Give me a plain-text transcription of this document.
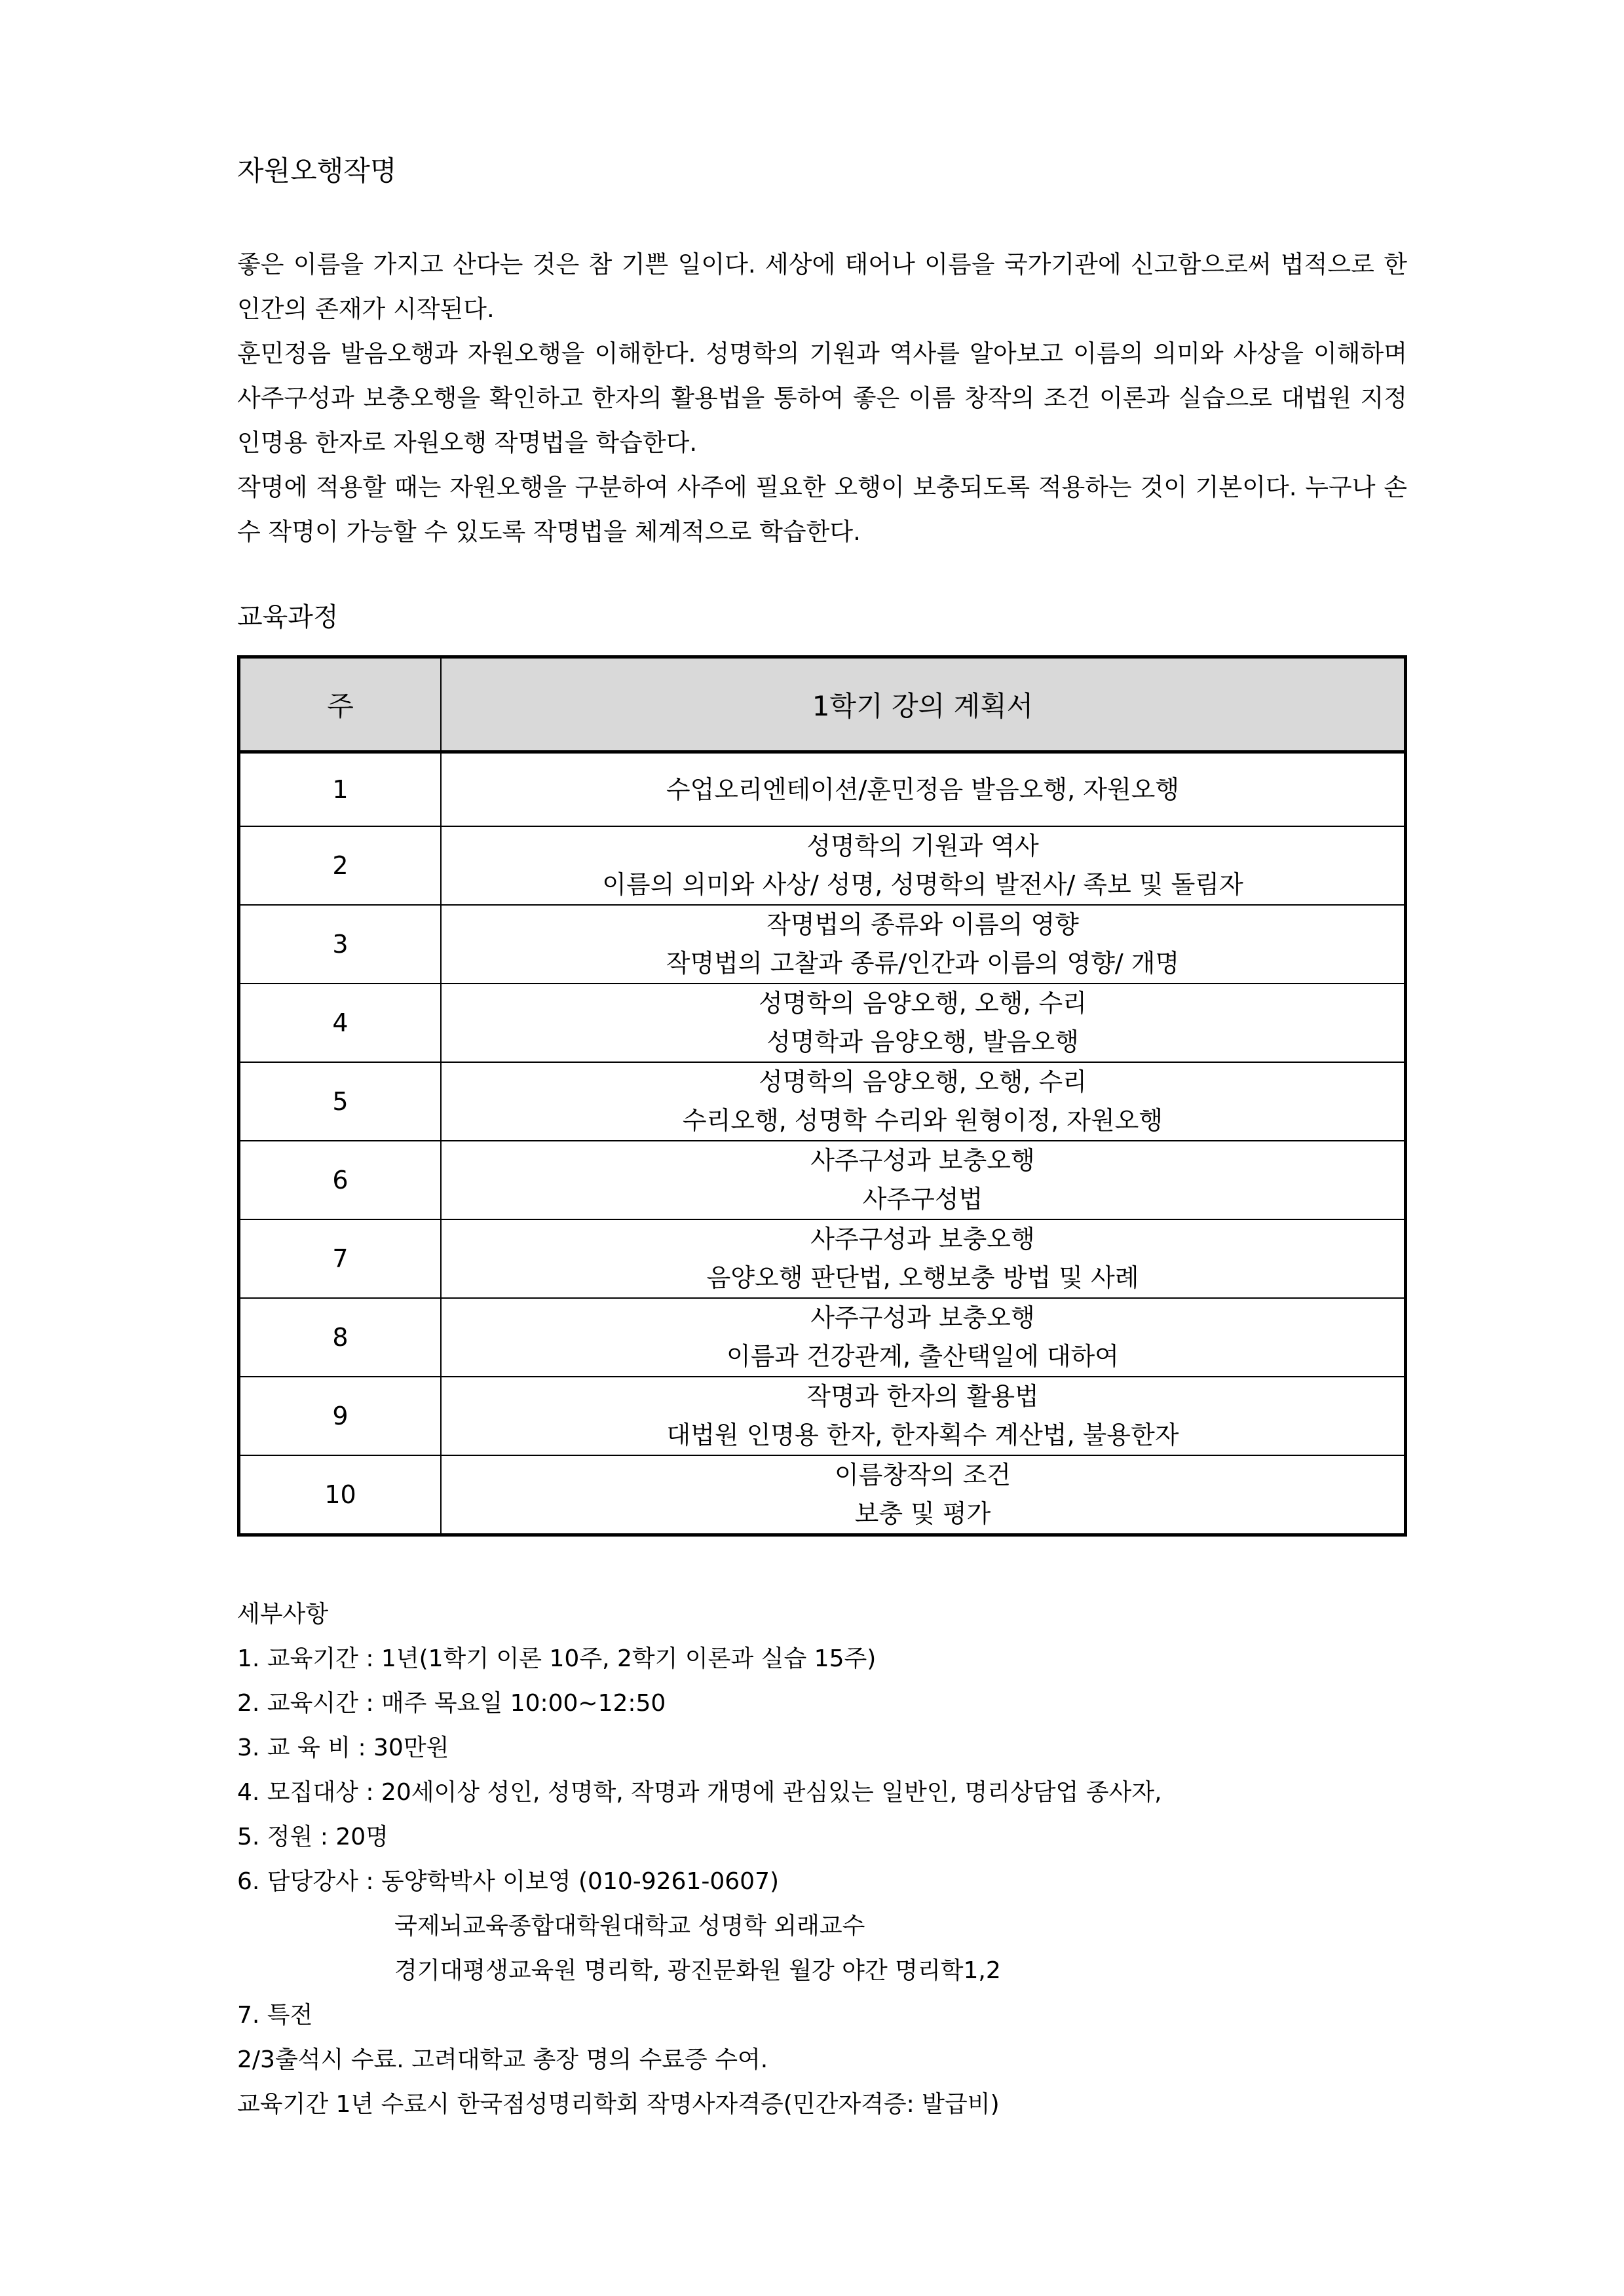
자원오행작명

좋은 이름을 가지고 산다는 것은 참 기쁜 일이다. 세상에 태어나 이름을 국가기관에 신고함으로써 법적으로 한 인간의 존재가 시작된다.

훈민정음 발음오행과 자원오행을 이해한다. 성명학의 기원과 역사를 알아보고 이름의 의미와 사상을 이해하며 사주구성과 보충오행을 확인하고 한자의 활용법을 통하여 좋은 이름 창작의 조건 이론과 실습으로 대법원 지정 인명용 한자로 자원오행 작명법을 학습한다.

작명에 적용할 때는 자원오행을 구분하여 사주에 필요한 오행이 보충되도록 적용하는 것이 기본이다. 누구나 손수 작명이 가능할 수 있도록 작명법을 체계적으로 학습한다.

교육과정
주	1학기 강의 계획서
1	수업오리엔테이션/훈민정음 발음오행, 자원오행

2	성명학의 기원과 역사
이름의 의미와 사상/ 성명, 성명학의 발전사/ 족보 및 돌림자

3	작명법의 종류와 이름의 영향
작명법의 고찰과 종류/인간과 이름의 영향/ 개명

4	성명학의 음양오행, 오행, 수리
성명학과 음양오행, 발음오행

5	성명학의 음양오행, 오행, 수리
수리오행, 성명학 수리와 원형이정, 자원오행

6	사주구성과 보충오행
사주구성법

7	사주구성과 보충오행
음양오행 판단법, 오행보충 방법 및 사례

8	사주구성과 보충오행
이름과 건강관계, 출산택일에 대하여

9	작명과 한자의 활용법
대법원 인명용 한자, 한자획수 계산법, 불용한자

10	이름창작의 조건
보충 및 평가
세부사항
1. 교육기간 : 1년(1학기 이론 10주, 2학기 이론과 실습 15주)
2. 교육시간 : 매주 목요일 10:00~12:50
3. 교 육 비 : 30만원
4. 모집대상 : 20세이상 성인, 성명학, 작명과 개명에 관심있는 일반인, 명리상담업 종사자,
5. 정원 : 20명
6. 담당강사 : 동양학박사 이보영 (010-9261-0607)
국제뇌교육종합대학원대학교 성명학 외래교수
경기대평생교육원 명리학, 광진문화원 월강 야간 명리학1,2
7. 특전
2/3출석시 수료. 고려대학교 총장 명의 수료증 수여.
교육기간 1년 수료시 한국점성명리학회 작명사자격증(민간자격증: 발급비)
